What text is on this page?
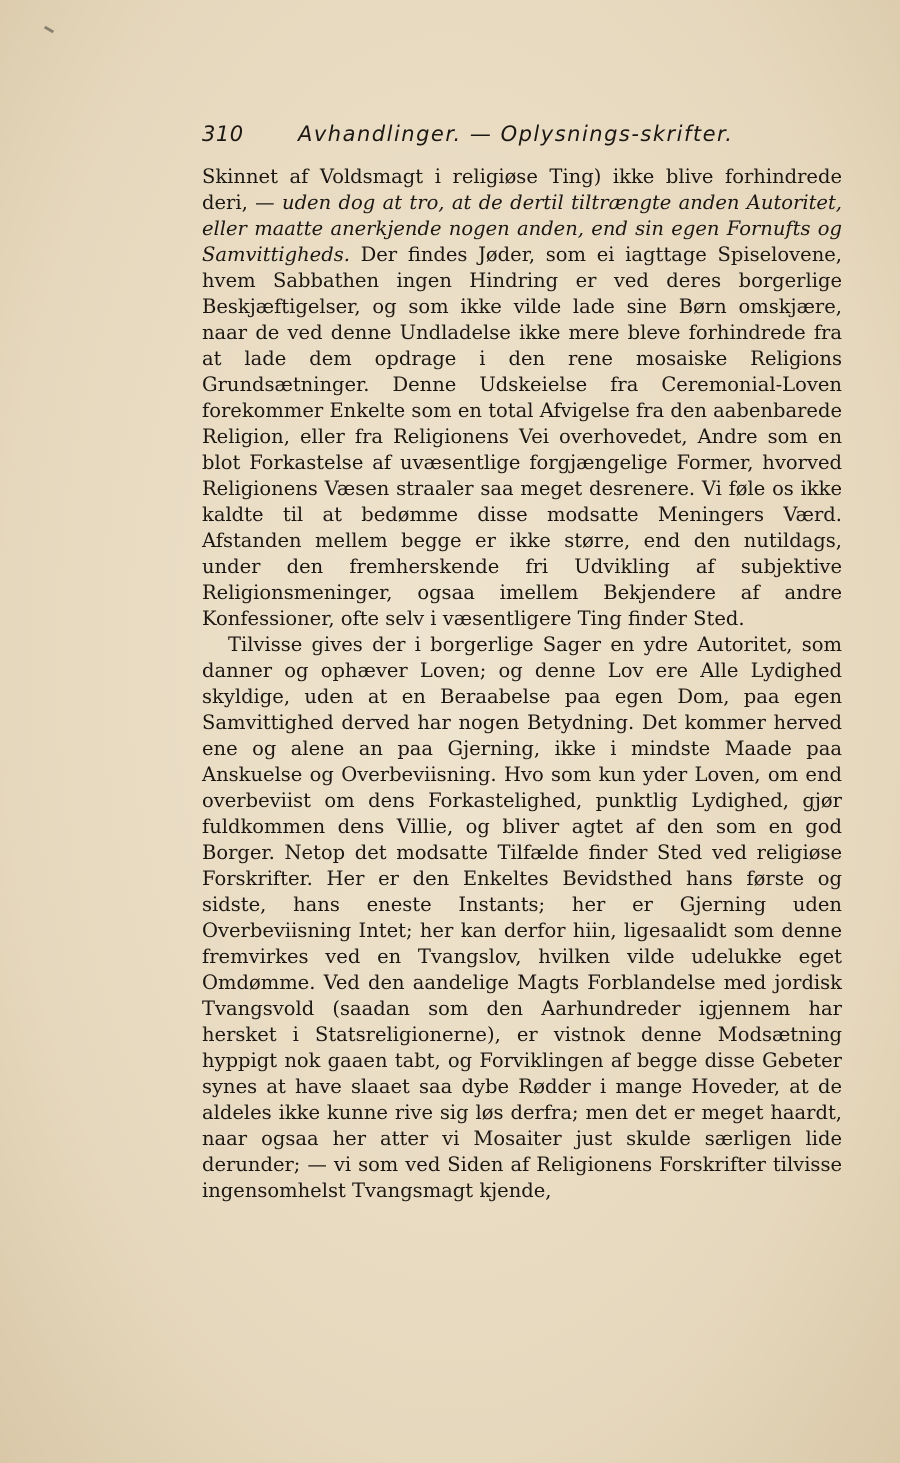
310	Avhandlinger. — Oplysnings-skrifter.

Skinnet af Voldsmagt i religiøse Ting) ikke blive forhindrede deri, — uden dog at tro, at de dertil tiltrængte anden Autoritet, eller maatte anerkjende nogen anden, end sin egen Fornufts og Samvittigheds. Der findes Jøder, som ei iagttage Spiselovene, hvem Sabbathen ingen Hindring er ved deres borgerlige Beskjæftigelser, og som ikke vilde lade sine Børn omskjære, naar de ved denne Undladelse ikke mere bleve forhindrede fra at lade dem opdrage i den rene mosaiske Religions Grundsætninger. Denne Udskeielse fra Ceremonial-Loven forekommer Enkelte som en total Afvigelse fra den aabenbarede Religion, eller fra Religionens Vei overhovedet, Andre som en blot Forkastelse af uvæsentlige forgjængelige Former, hvorved Religionens Væsen straaler saa meget desrenere. Vi føle os ikke kaldte til at bedømme disse modsatte Meningers Værd. Afstanden mellem begge er ikke større, end den nutildags, under den fremherskende fri Udvikling af subjektive Religionsmeninger, ogsaa imellem Bekjendere af andre Konfessioner, ofte selv i væsentligere Ting finder Sted.

Tilvisse gives der i borgerlige Sager en ydre Autoritet, som danner og ophæver Loven; og denne Lov ere Alle Lydighed skyldige, uden at en Beraabelse paa egen Dom, paa egen Samvittighed derved har nogen Betydning. Det kommer herved ene og alene an paa Gjerning, ikke i mindste Maade paa Anskuelse og Overbeviisning. Hvo som kun yder Loven, om end overbeviist om dens Forkastelighed, punktlig Lydighed, gjør fuldkommen dens Villie, og bliver agtet af den som en god Borger. Netop det modsatte Tilfælde finder Sted ved religiøse Forskrifter. Her er den Enkeltes Bevidsthed hans første og sidste, hans eneste Instants; her er Gjerning uden Overbeviisning Intet; her kan derfor hiin, ligesaalidt som denne fremvirkes ved en Tvangslov, hvilken vilde udelukke eget Omdømme. Ved den aandelige Magts Forblandelse med jordisk Tvangsvold (saadan som den Aarhundreder igjennem har hersket i Statsreligionerne), er vistnok denne Modsætning hyppigt nok gaaen tabt, og Forviklingen af begge disse Gebeter synes at have slaaet saa dybe Rødder i mange Hoveder, at de aldeles ikke kunne rive sig løs derfra; men det er meget haardt, naar ogsaa her atter vi Mosaiter just skulde særligen lide derunder; — vi som ved Siden af Religionens Forskrifter tilvisse ingensomhelst Tvangsmagt kjende,
